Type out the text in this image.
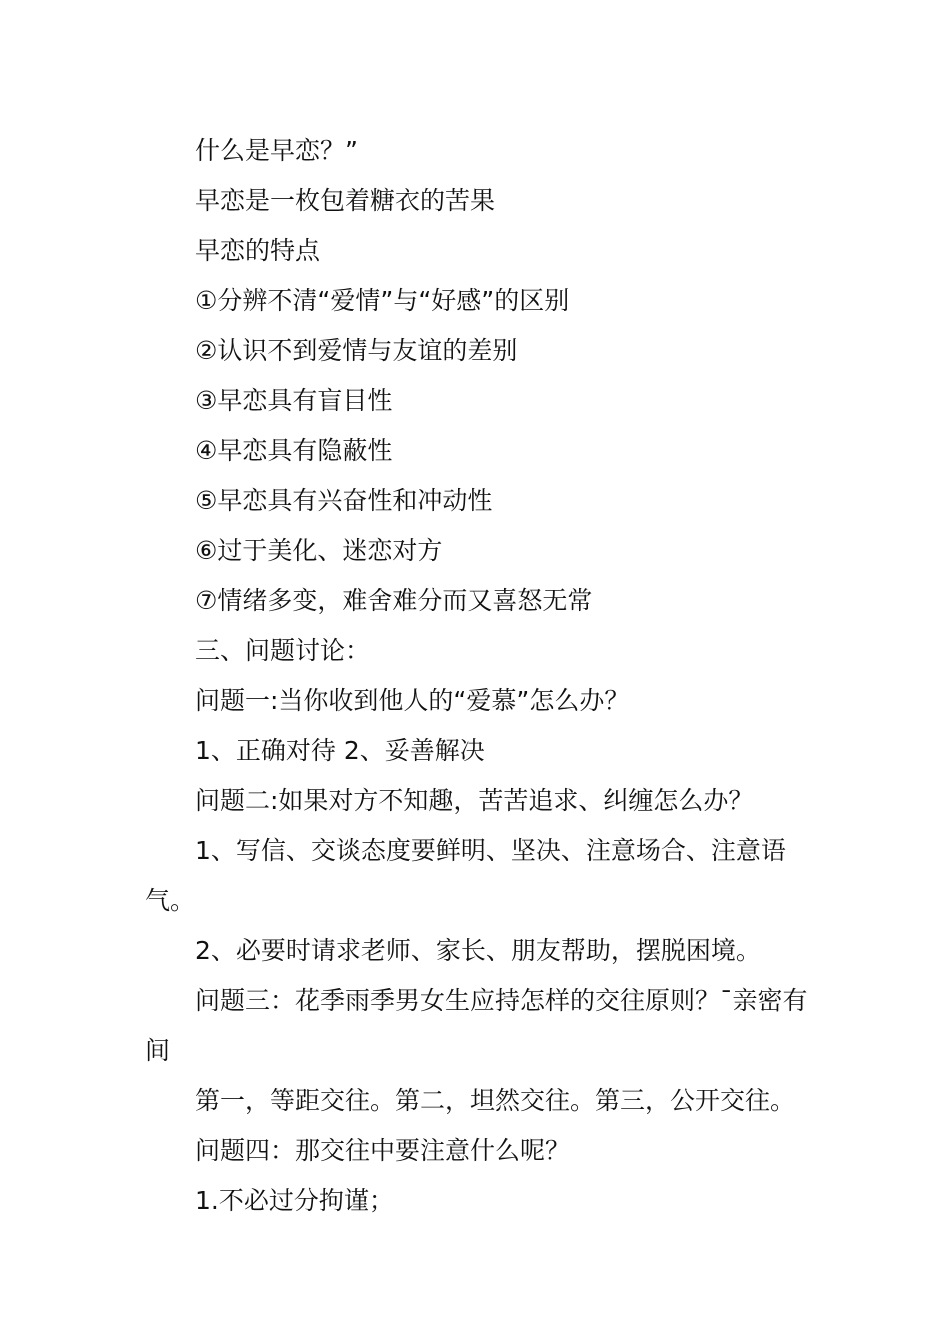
什么是早恋？”

早恋是一枚包着糖衣的苦果

早恋的特点

①分辨不清“爱情”与“好感”的区别

②认识不到爱情与友谊的差别

③早恋具有盲目性

④早恋具有隐蔽性

⑤早恋具有兴奋性和冲动性

⑥过于美化、迷恋对方

⑦情绪多变，难舍难分而又喜怒无常

三、问题讨论：

问题一:当你收到他人的“爱慕”怎么办？

1、正确对待 2、妥善解决

问题二:如果对方不知趣，苦苦追求、纠缠怎么办？

1、写信、交谈态度要鲜明、坚决、注意场合、注意语气。

2、必要时请求老师、家长、朋友帮助，摆脱困境。

问题三：花季雨季男女生应持怎样的交往原则？¯亲密有间

第一，等距交往。第二，坦然交往。第三，公开交往。

问题四：那交往中要注意什么呢？

1.不必过分拘谨；
